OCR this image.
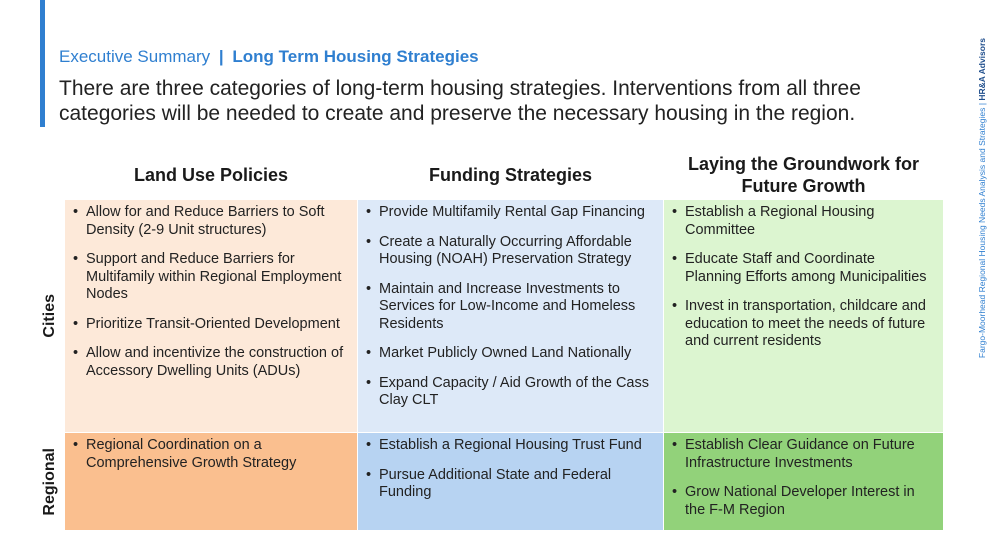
Executive Summary | Long Term Housing Strategies
There are three categories of long-term housing strategies. Interventions from all three categories will be needed to create and preserve the necessary housing in the region.	Fargo-Moorhead Regional Housing Needs Analysis and Strategies | HR&A Advisors
Land Use Policies	Funding Strategies
Laying the Groundwork for Future Growth
Cities
Regional
• Allow for and Reduce Barriers to Soft Density (2-9 Unit structures)
• Support and Reduce Barriers for Multifamily within Regional Employment Nodes
• Prioritize Transit-Oriented Development
• Allow and incentivize the construction of Accessory Dwelling Units (ADUs)
• Provide Multifamily Rental Gap Financing
• Create a Naturally Occurring Affordable Housing (NOAH) Preservation Strategy
• Maintain and Increase Investments to Services for Low-Income and Homeless Residents
• Market Publicly Owned Land Nationally
• Expand Capacity / Aid Growth of the Cass Clay CLT
• Establish a Regional Housing Committee
• Educate Staff and Coordinate Planning Efforts among Municipalities
• Invest in transportation, childcare and education to meet the needs of future and current residents
• Regional Coordination on a Comprehensive Growth Strategy
• Establish a Regional Housing Trust Fund
• Pursue Additional State and Federal Funding
• Establish Clear Guidance on Future Infrastructure Investments
• Grow National Developer Interest in the F-M Region
